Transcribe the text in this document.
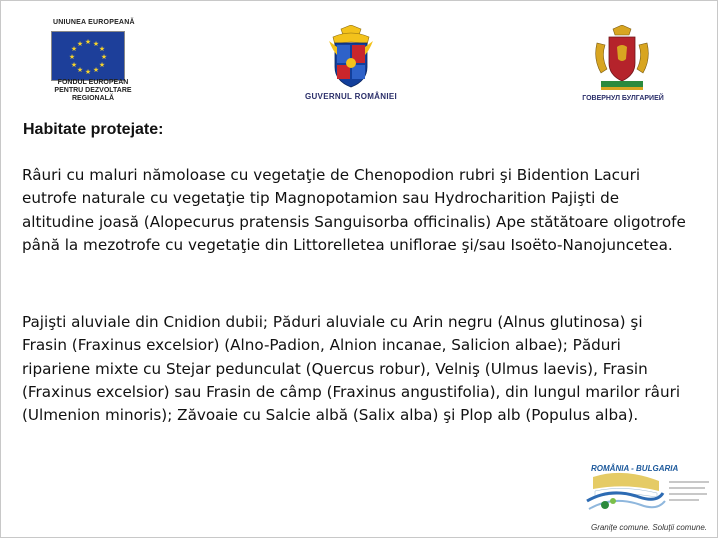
UNIUNEA EUROPEANĂ
★ ★
★
★
★
★
★
★
★
★
★
★
FONDUL EUROPEAN PENTRU DEZVOLTARE REGIONALĂ	GUVERNUL ROMÂNIEI	ГОВЕРНУЛ БУЛГАРИЕЙ
Habitate protejate:

Râuri cu maluri nămoloase cu vegetaţie de Chenopodion rubri şi Bidention Lacuri eutrofe naturale cu vegetaţie tip Magnopotamion sau Hydrocharition Pajişti de altitudine joasă (Alopecurus pratensis Sanguisorba officinalis) Ape stătătoare oligotrofe până la mezotrofe cu vegetaţie din Littorelletea uniflorae şi/sau Isoëto-Nanojuncetea.

Pajişti aluviale din Cnidion dubii; Păduri aluviale cu Arin negru (Alnus glutinosa) şi Frasin (Fraxinus excelsior) (Alno-Padion, Alnion incanae, Salicion albae); Păduri ripariene mixte cu Stejar pedunculat (Quercus robur), Velniş (Ulmus laevis), Frasin (Fraxinus excelsior) sau Frasin de câmp (Fraxinus angustifolia), din lungul marilor râuri (Ulmenion minoris); Zăvoaie cu Salcie albă (Salix alba) şi Plop alb (Populus alba).

ROMÂNIA - BULGARIA
Graniţe comune. Soluţii comune.
